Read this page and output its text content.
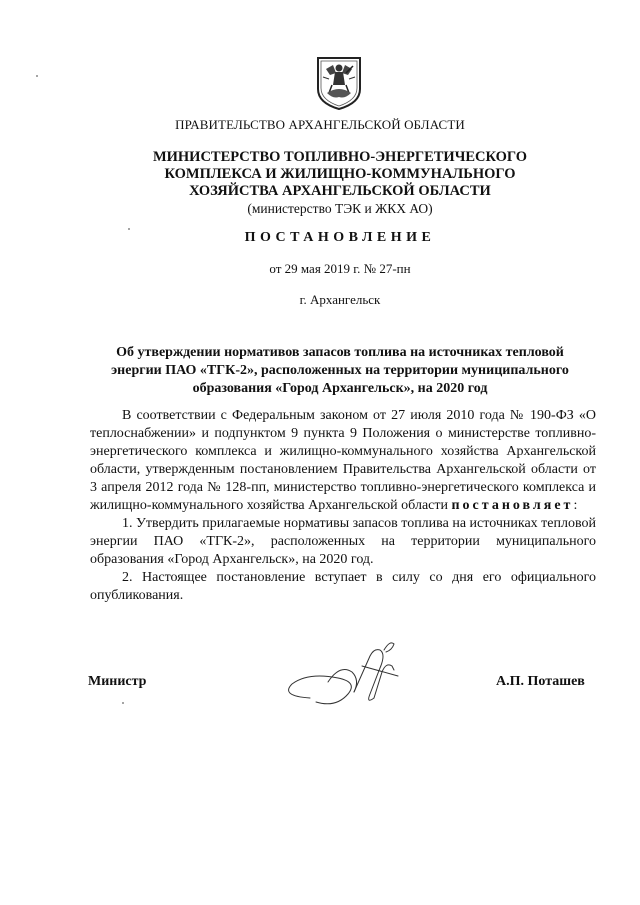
ПРАВИТЕЛЬСТВО АРХАНГЕЛЬСКОЙ ОБЛАСТИ
МИНИСТЕРСТВО ТОПЛИВНО-ЭНЕРГЕТИЧЕСКОГО
КОМПЛЕКСА И ЖИЛИЩНО-КОММУНАЛЬНОГО
ХОЗЯЙСТВА АРХАНГЕЛЬСКОЙ ОБЛАСТИ
(министерство ТЭК и ЖКХ АО)
ПОСТАНОВЛЕНИЕ
от 29 мая 2019 г. № 27-пн
г. Архангельск
Об утверждении нормативов запасов топлива на источниках тепловой энергии ПАО «ТГК-2», расположенных на территории муниципального образования «Город Архангельск», на 2020 год

В соответствии с Федеральным законом от 27 июля 2010 года № 190-ФЗ «О теплоснабжении» и подпунктом 9 пункта 9 Положения о министерстве топливно-энергетического комплекса и жилищно-коммунального хозяйства Архангельской области, утвержденным постановлением Правительства Архангельской области от 3 апреля 2012 года № 128-пп, министерство топливно-энергетического комплекса и жилищно-коммунального хозяйства Архангельской области постановляет:

1. Утвердить прилагаемые нормативы запасов топлива на источниках тепловой энергии ПАО «ТГК-2», расположенных на территории муниципального образования «Город Архангельск», на 2020 год.

2. Настоящее постановление вступает в силу со дня его официального опубликования.

Министр	А.П. Поташев
